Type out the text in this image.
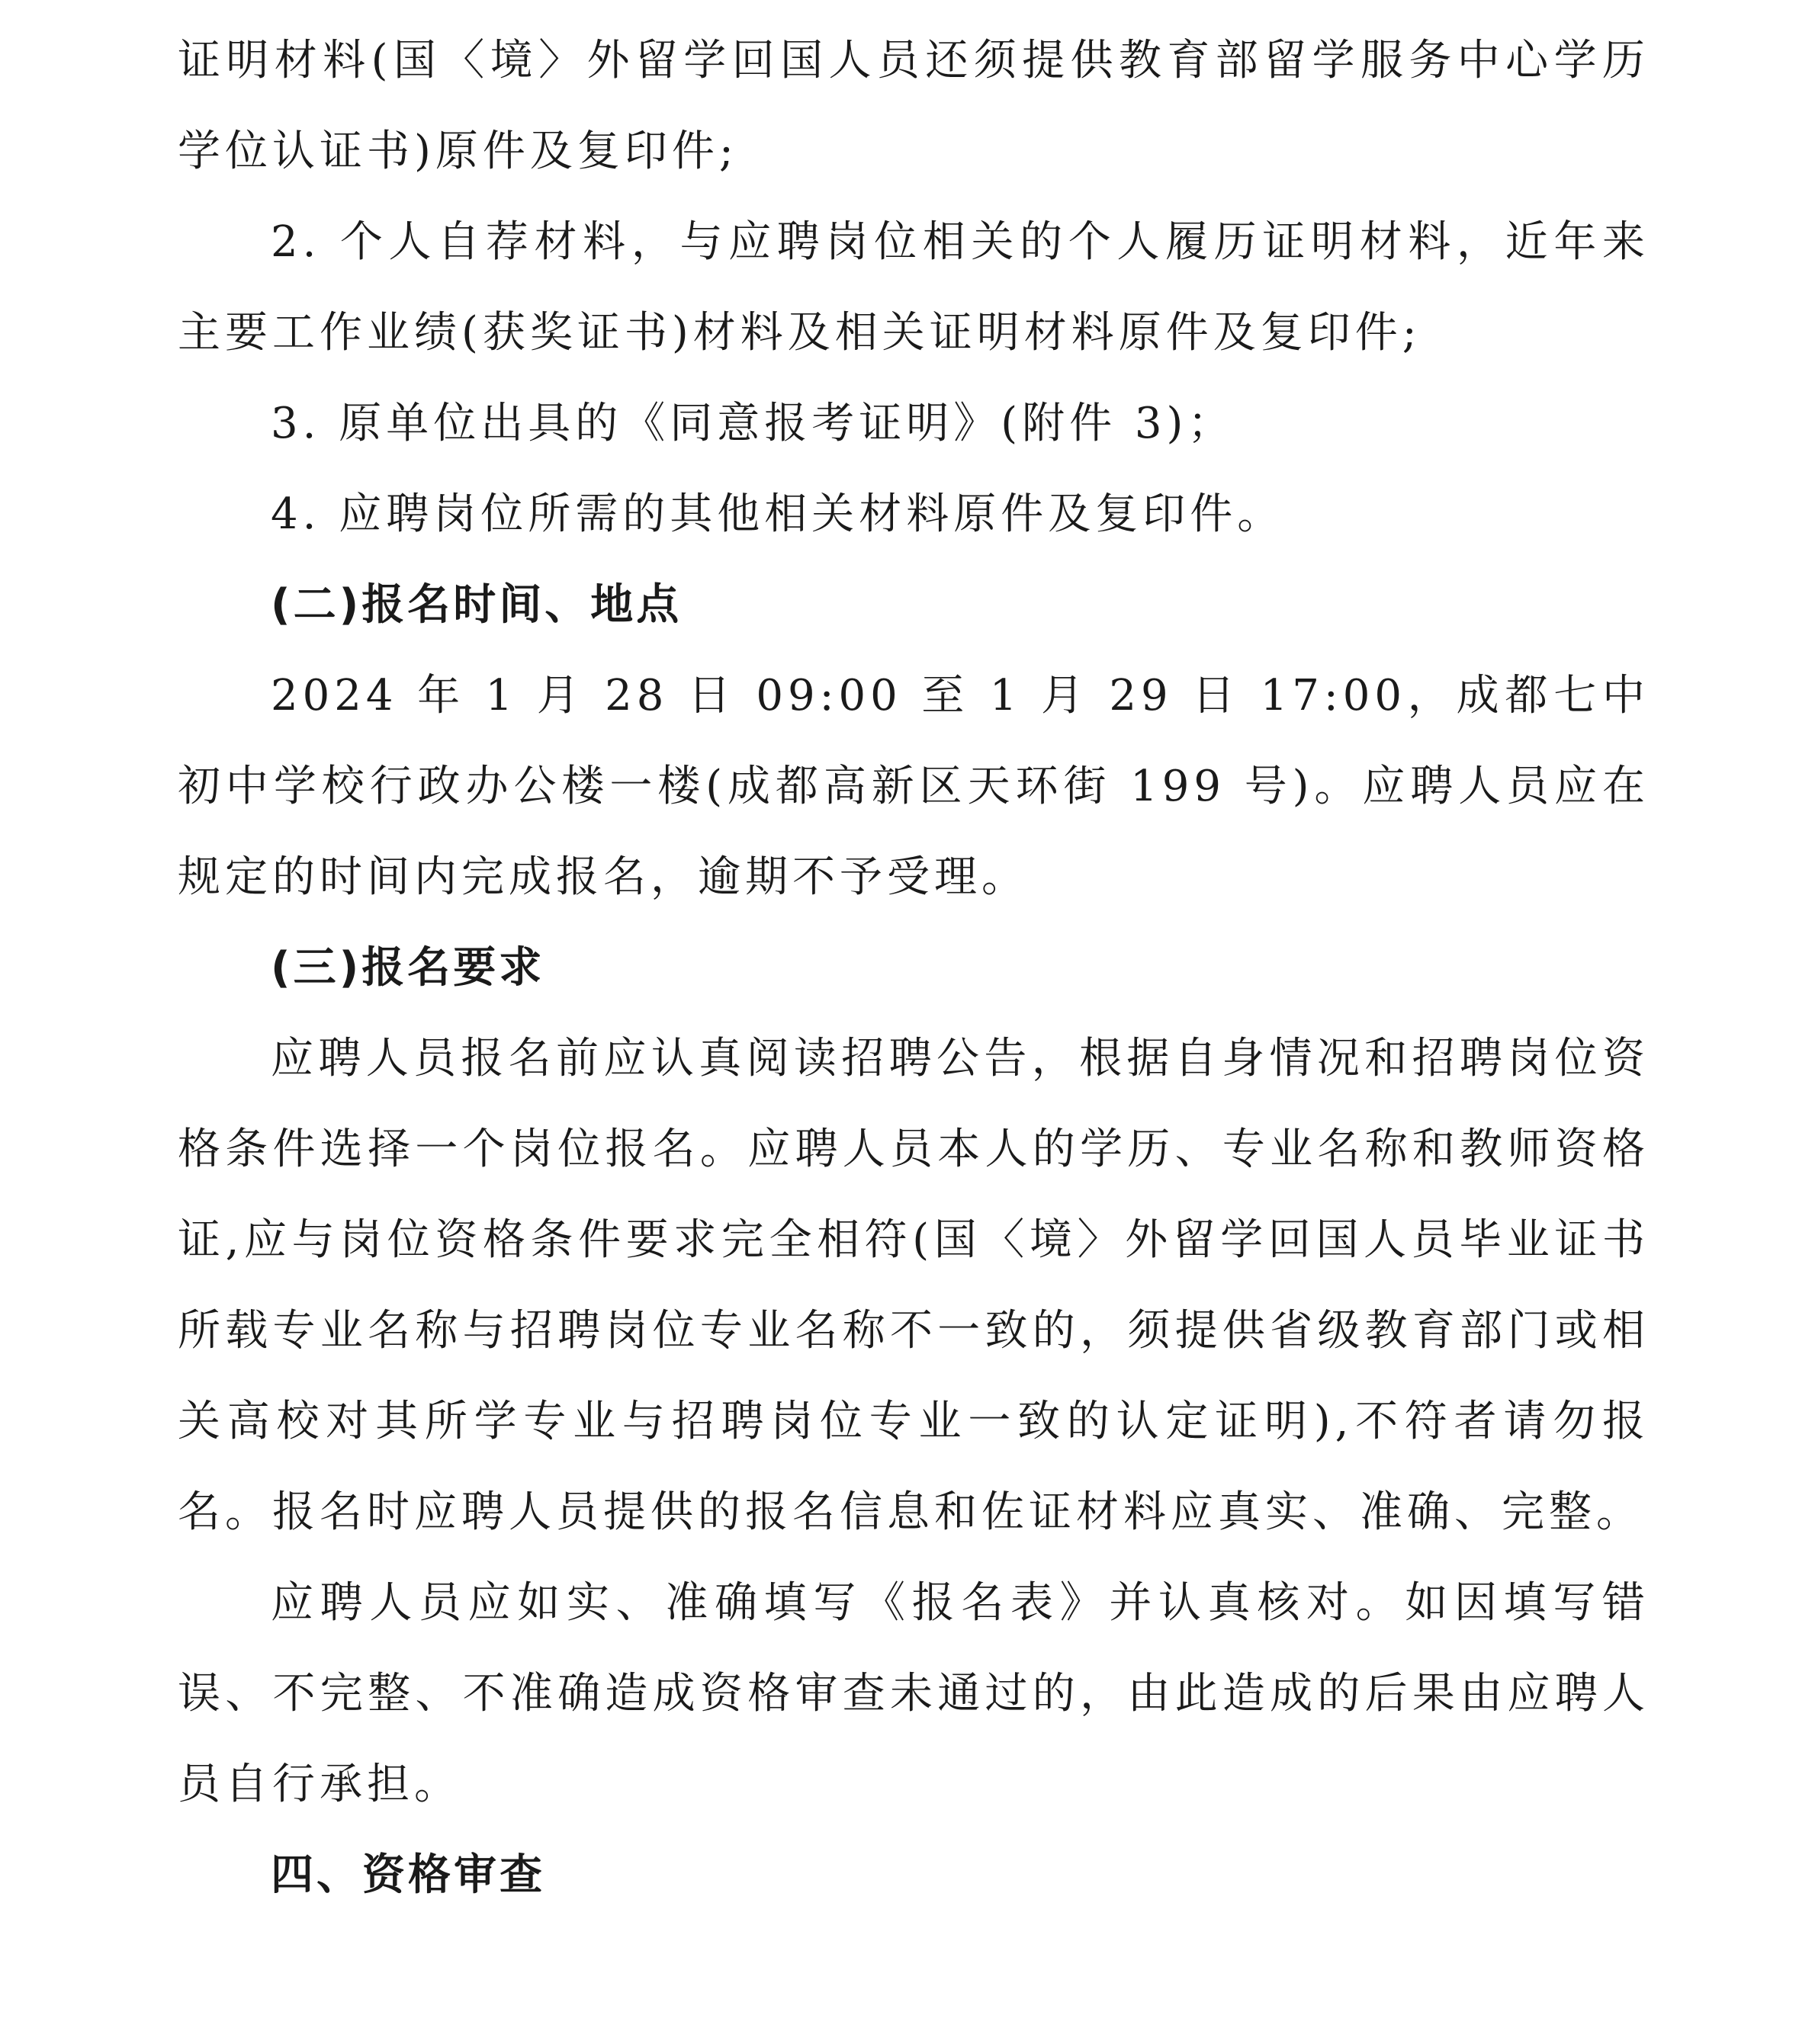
证明材料(国〈境〉外留学回国人员还须提供教育部留学服务中心学历学位认证书)原件及复印件;

2. 个人自荐材料，与应聘岗位相关的个人履历证明材料，近年来主要工作业绩(获奖证书)材料及相关证明材料原件及复印件;

3. 原单位出具的《同意报考证明》(附件 3)；

4. 应聘岗位所需的其他相关材料原件及复印件。

(二)报名时间、地点

2024 年 1 月 28 日 09:00 至 1 月 29 日 17:00，成都七中初中学校行政办公楼一楼(成都高新区天环街 199 号)。应聘人员应在规定的时间内完成报名，逾期不予受理。

(三)报名要求

应聘人员报名前应认真阅读招聘公告，根据自身情况和招聘岗位资格条件选择一个岗位报名。应聘人员本人的学历、专业名称和教师资格证,应与岗位资格条件要求完全相符(国〈境〉外留学回国人员毕业证书所载专业名称与招聘岗位专业名称不一致的，须提供省级教育部门或相关高校对其所学专业与招聘岗位专业一致的认定证明),不符者请勿报名。报名时应聘人员提供的报名信息和佐证材料应真实、准确、完整。

应聘人员应如实、准确填写《报名表》并认真核对。如因填写错误、不完整、不准确造成资格审查未通过的，由此造成的后果由应聘人员自行承担。

四、资格审查
